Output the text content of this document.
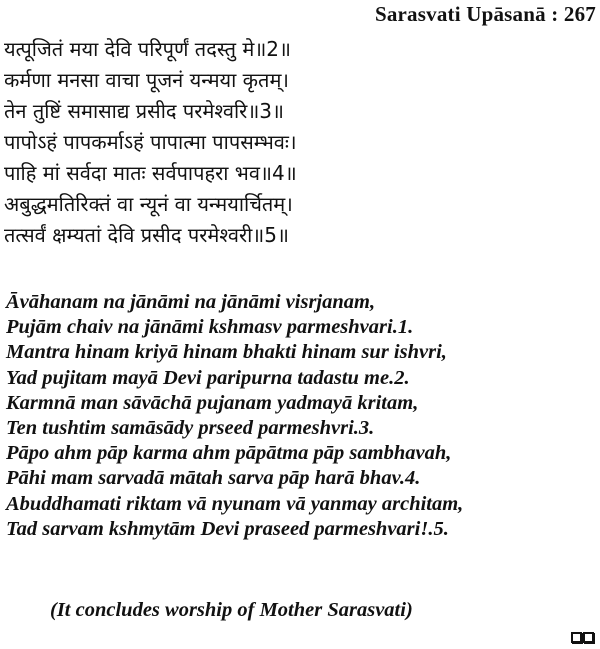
Sarasvati Upāsanā : 267
यत्पूजितं मया देवि परिपूर्णं तदस्तु मे॥2॥
कर्मणा मनसा वाचा पूजनं यन्मया कृतम्।
तेन तुष्टिं समासाद्य प्रसीद परमेश्वरि॥3॥
पापोऽहं पापकर्माऽहं पापात्मा पापसम्भवः।
पाहि मां सर्वदा मातः सर्वपापहरा भव॥4॥
अबुद्धमतिरिक्तं वा न्यूनं वा यन्मयार्चितम्।
तत्सर्वं क्षम्यतां देवि प्रसीद परमेश्वरी॥5॥
Āvāhanam na jānāmi na jānāmi visrjanam,
Pujām chaiv na jānāmi kshmasv parmeshvari.1.
Mantra hinam kriyā hinam bhakti hinam sur ishvri,
Yad pujitam mayā Devi paripurna tadastu me.2.
Karmnā man sāvāchā pujanam yadmayā kritam,
Ten tushtim samāsādy prseed parmeshvri.3.
Pāpo ahm pāp karma ahm pāpātma pāp sambhavah,
Pāhi mam sarvadā mātah sarva pāp harā bhav.4.
Abuddhamati riktam vā nyunam vā yanmay architam,
Tad sarvam kshmytām Devi praseed parmeshvari!.5.
(It concludes worship of Mother Sarasvati)
